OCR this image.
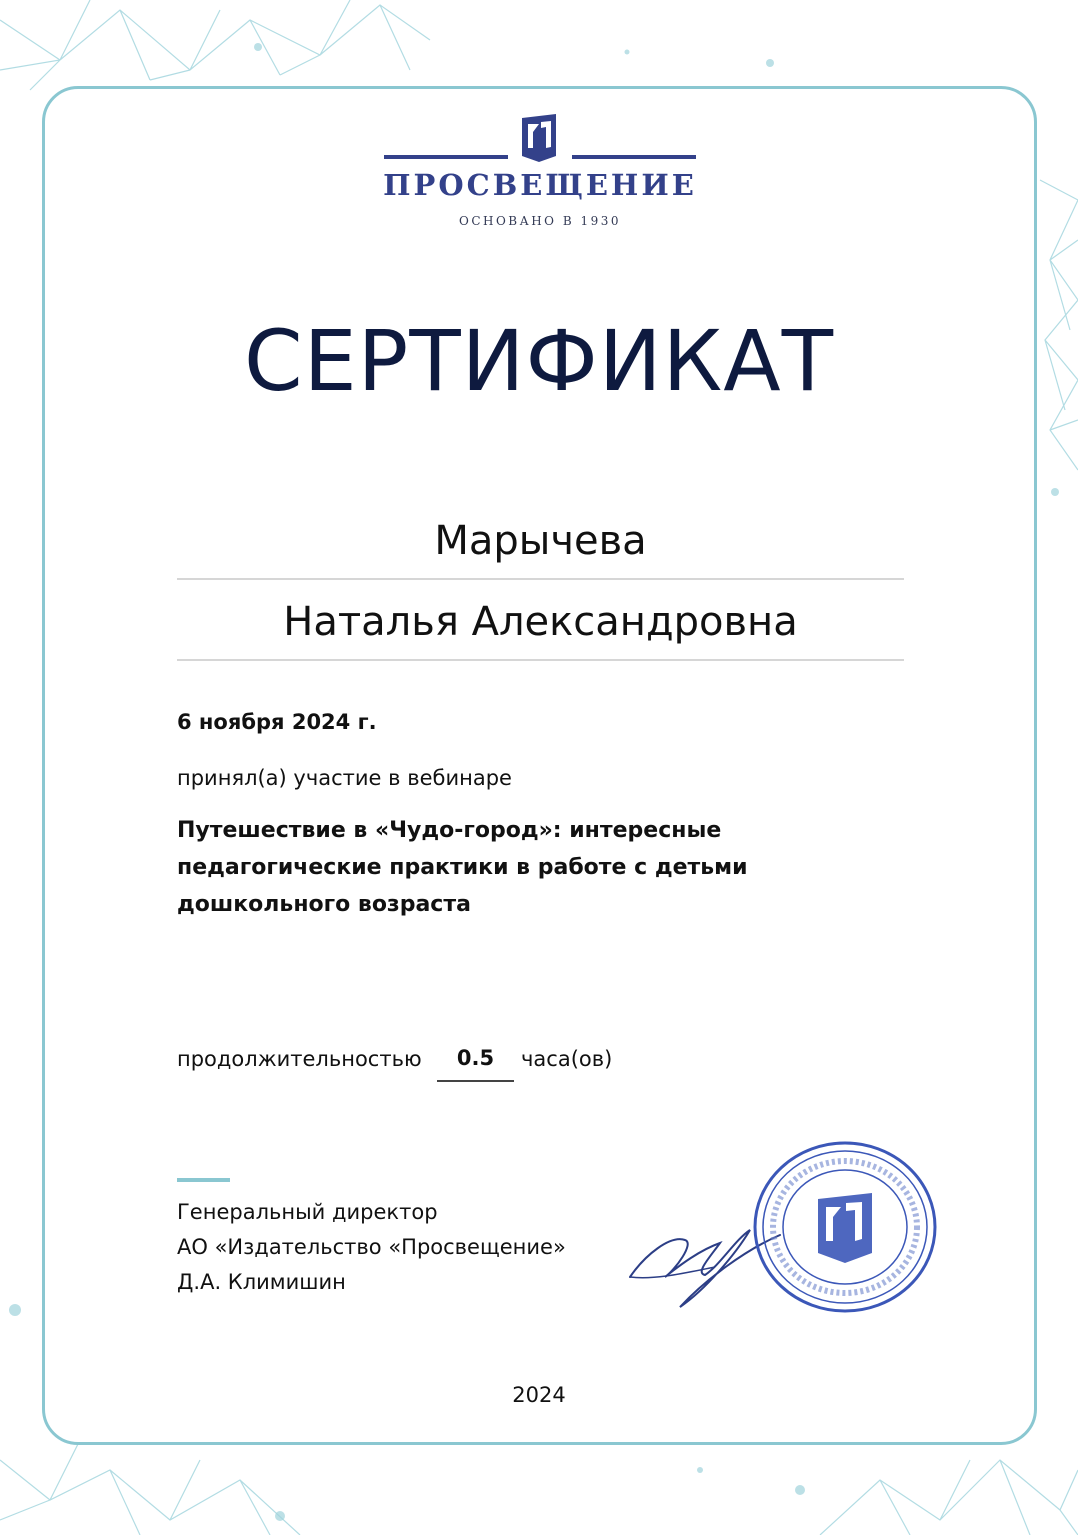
ПРОСВЕЩЕНИЕ
ОСНОВАНО В 1930
СЕРТИФИКАТ
Марычева
Наталья Александровна
6 ноября 2024 г.
принял(а) участие в вебинаре
Путешествие в «Чудо-город»: интересные
педагогические практики в работе с детьми
дошкольного возраста
продолжительностью	0.5	часа(ов)
Генеральный директор
АО «Издательство «Просвещение»
Д.А. Климишин
2024
